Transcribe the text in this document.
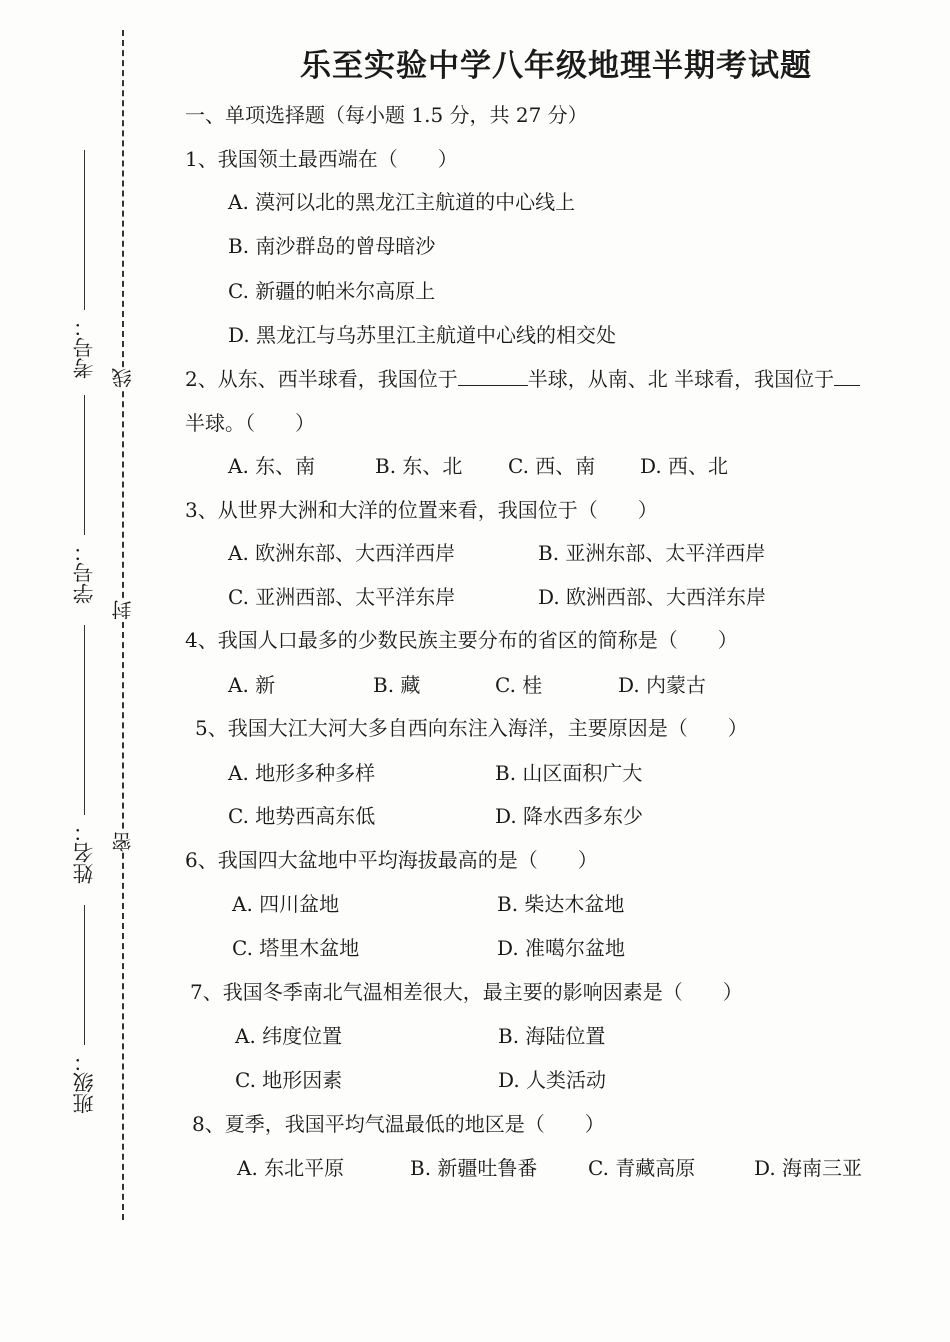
线
封
密
考号：
学号：
姓名：
班级：
乐至实验中学八年级地理半期考试题
一、单项选择题（每小题 1.5 分，共 27 分）
1、我国领土最西端在（　　）
A. 漠河以北的黑龙江主航道的中心线上
B. 南沙群岛的曾母暗沙
C. 新疆的帕米尔高原上
D. 黑龙江与乌苏里江主航道中心线的相交处
2、从东、西半球看，我国位于	半球，从南、北 半球看，我国位于
半球。（　　）
A. 东、南	B. 东、北 C. 西、南 D. 西、北
3、从世界大洲和大洋的位置来看，我国位于（　　）
A. 欧洲东部、大西洋西岸	B. 亚洲东部、太平洋西岸
C. 亚洲西部、太平洋东岸	D. 欧洲西部、大西洋东岸
4、我国人口最多的少数民族主要分布的省区的简称是（　　）
A. 新	B. 藏	C. 桂	D. 内蒙古
5、我国大江大河大多自西向东注入海洋，主要原因是（　　）
A. 地形多种多样	B. 山区面积广大
C. 地势西高东低	D. 降水西多东少
6、我国四大盆地中平均海拔最高的是（　　）
A. 四川盆地	B. 柴达木盆地
C. 塔里木盆地	D. 准噶尔盆地
7、我国冬季南北气温相差很大，最主要的影响因素是（　　）
A. 纬度位置	B. 海陆位置
C. 地形因素	D. 人类活动
8、夏季，我国平均气温最低的地区是（　　）
A. 东北平原	B. 新疆吐鲁番	C. 青藏高原	D. 海南三亚
